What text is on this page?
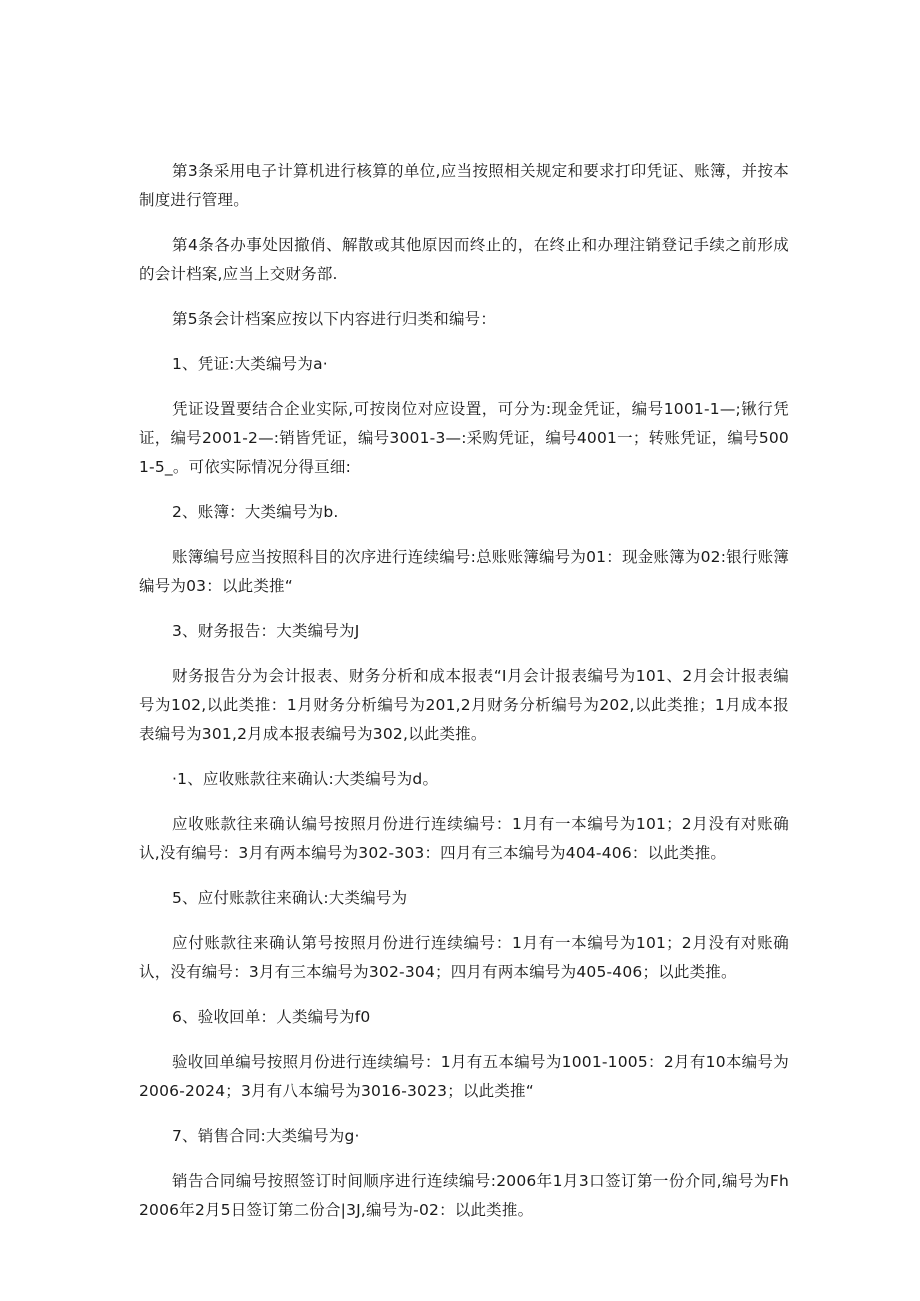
第3条采用电子计算机进行核算的单位,应当按照相关规定和要求打印凭证、账簿，并按本制度进行管理。

第4条各办事处因撤俏、解散或其他原因而终止的，在终止和办理注销登记手续之前形成的会计档案,应当上交财务部.

第5条会计档案应按以下内容进行归类和编号：

1、凭证:大类编号为a·

凭证设置要结合企业实际,可按岗位对应设置，可分为:现金凭证，编号1001-1—;锹行凭证，编号2001-2—:销皆凭证，编号3001-3—:采购凭证，编号4001一；转账凭证，编号5001-5_。可依实际情况分得亘细:

2、账簿：大类编号为b.

账簿编号应当按照科目的次序进行连续编号:总账账簿编号为01：现金账簿为02:银行账簿编号为03：以此类推“

3、财务报告：大类编号为J

财务报告分为会计报表、财务分析和成本报表“I月会计报表编号为101、2月会计报表编号为102,以此类推：1月财务分析编号为201,2月财务分析编号为202,以此类推；1月成本报表编号为301,2月成本报表编号为302,以此类推。

·1、应收账款往来确认:大类编号为d。

应收账款往来确认编号按照月份进行连续编号：1月有一本编号为101；2月没有对账确认,没有编号：3月有两本编号为302-303：四月有三本编号为404-406：以此类推。

5、应付账款往来确认:大类编号为

应付账款往来确认第号按照月份进行连续编号：1月有一本编号为101；2月没有对账确认，没有编号：3月有三本编号为302-304；四月有两本编号为405-406；以此类推。

6、验收回单：人类编号为f0

验收回单编号按照月份进行连续编号：1月有五本编号为1001-1005：2月有10本编号为2006-2024；3月有八本编号为3016-3023；以此类推“

7、销售合同:大类编号为g·

销告合同编号按照签订时间顺序进行连续编号:2006年1月3口签订第一份介同,编号为Fh2006年2月5日签订第二份合|3J,编号为-02：以此类推。
